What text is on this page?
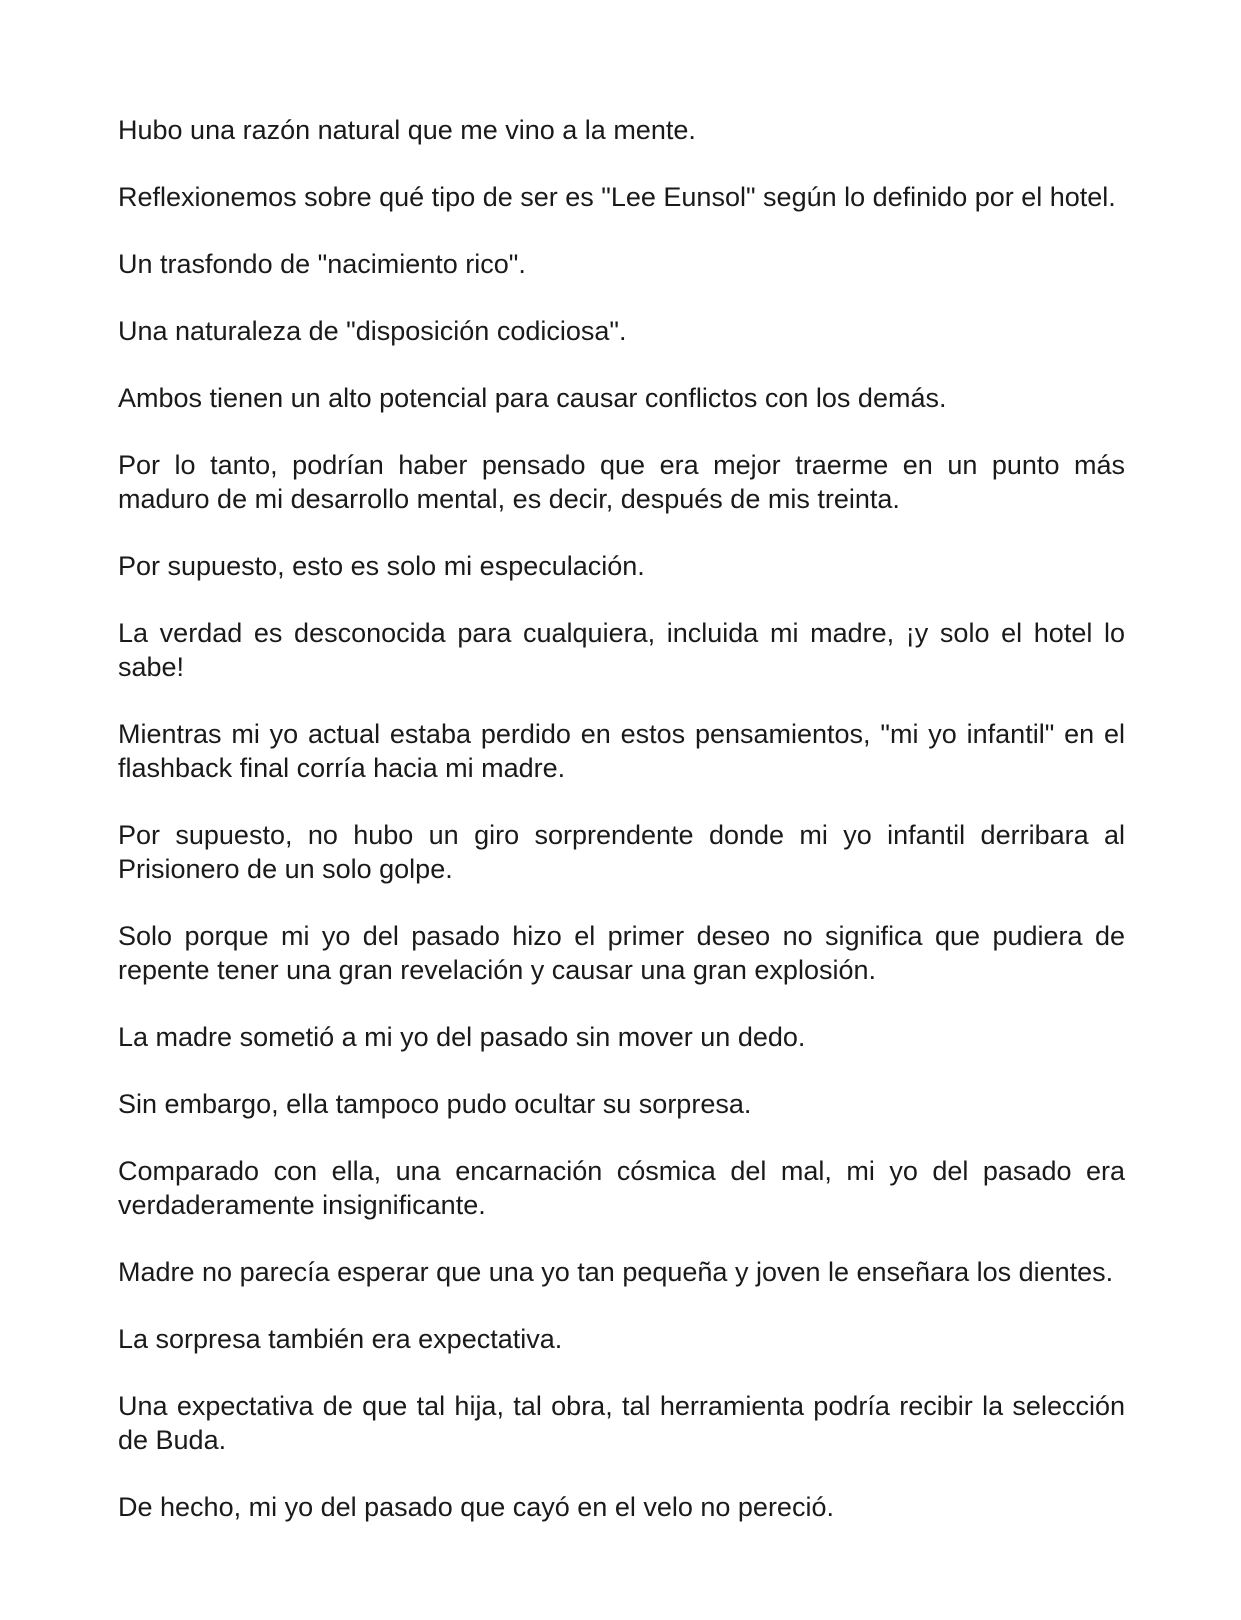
Hubo una razón natural que me vino a la mente.

Reflexionemos sobre qué tipo de ser es "Lee Eunsol" según lo definido por el hotel.

Un trasfondo de "nacimiento rico".

Una naturaleza de "disposición codiciosa".

Ambos tienen un alto potencial para causar conflictos con los demás.

Por lo tanto, podrían haber pensado que era mejor traerme en un punto más maduro de mi desarrollo mental, es decir, después de mis treinta.

Por supuesto, esto es solo mi especulación.

La verdad es desconocida para cualquiera, incluida mi madre, ¡y solo el hotel lo sabe!

Mientras mi yo actual estaba perdido en estos pensamientos, "mi yo infantil" en el flashback final corría hacia mi madre.

Por supuesto, no hubo un giro sorprendente donde mi yo infantil derribara al Prisionero de un solo golpe.

Solo porque mi yo del pasado hizo el primer deseo no significa que pudiera de repente tener una gran revelación y causar una gran explosión.

La madre sometió a mi yo del pasado sin mover un dedo.

Sin embargo, ella tampoco pudo ocultar su sorpresa.

Comparado con ella, una encarnación cósmica del mal, mi yo del pasado era verdaderamente insignificante.

Madre no parecía esperar que una yo tan pequeña y joven le enseñara los dientes.

La sorpresa también era expectativa.

Una expectativa de que tal hija, tal obra, tal herramienta podría recibir la selección de Buda.

De hecho, mi yo del pasado que cayó en el velo no pereció.
